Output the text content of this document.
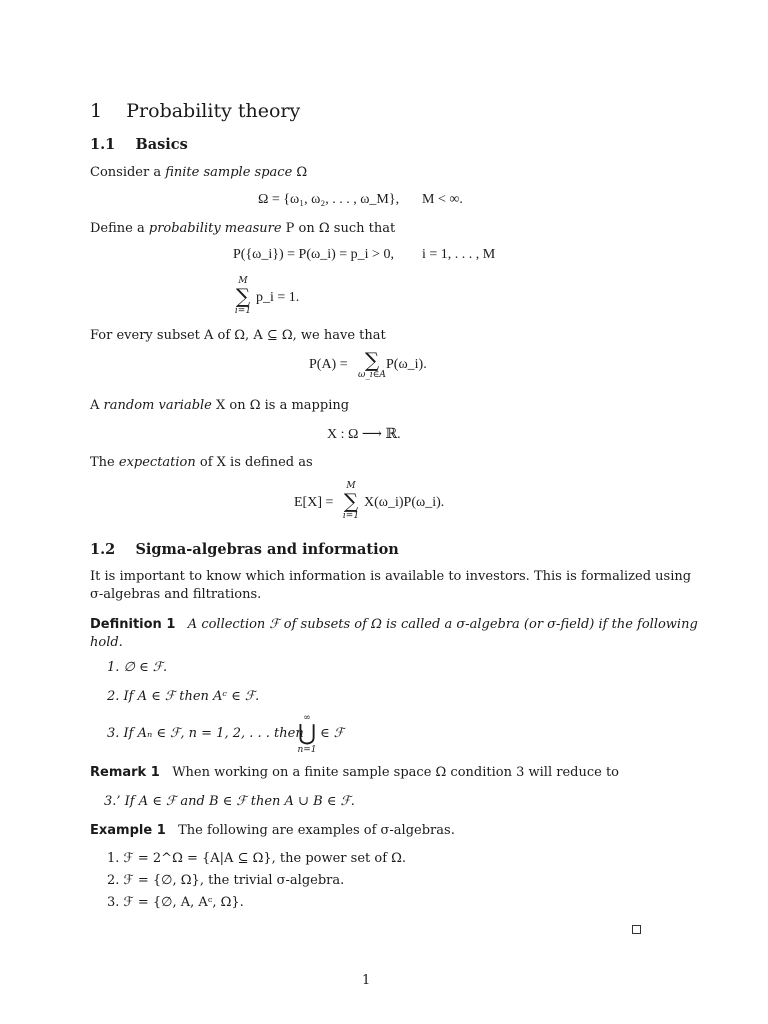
1 Probability theory
1.1 Basics
Consider a finite sample space Ω
Ω = {ω₁, ω₂, . . . , ω_M}, M < ∞.
Define a probability measure P on Ω such that
P({ω_i}) = P(ω_i) = p_i > 0, i = 1, . . . , M
M
∑
i=1
p_i = 1.
For every subset A of Ω, A ⊆ Ω, we have that
P(A) = ∑
ω_i∈A
P(ω_i).
A random variable X on Ω is a mapping
X : Ω ⟶ ℝ.
The expectation of X is defined as
E[X] =
M
∑
i=1
X(ω_i)P(ω_i).
1.2 Sigma-algebras and information
It is important to know which information is available to investors. This is formalized using
σ-algebras and filtrations.
Definition 1 A collection ℱ of subsets of Ω is called a σ-algebra (or σ-field) if the following
hold.
1. ∅ ∈ ℱ.
2. If A ∈ ℱ then Aᶜ ∈ ℱ.
3. If Aₙ ∈ ℱ, n = 1, 2, . . . then
∞
⋃
n=1
∈ ℱ
Remark 1 When working on a finite sample space Ω condition 3 will reduce to
3.’ If A ∈ ℱ and B ∈ ℱ then A ∪ B ∈ ℱ.
Example 1 The following are examples of σ-algebras.
1. ℱ = 2^Ω = {A|A ⊆ Ω}, the power set of Ω.
2. ℱ = {∅, Ω}, the trivial σ-algebra.
3. ℱ = {∅, A, Aᶜ, Ω}.
1
